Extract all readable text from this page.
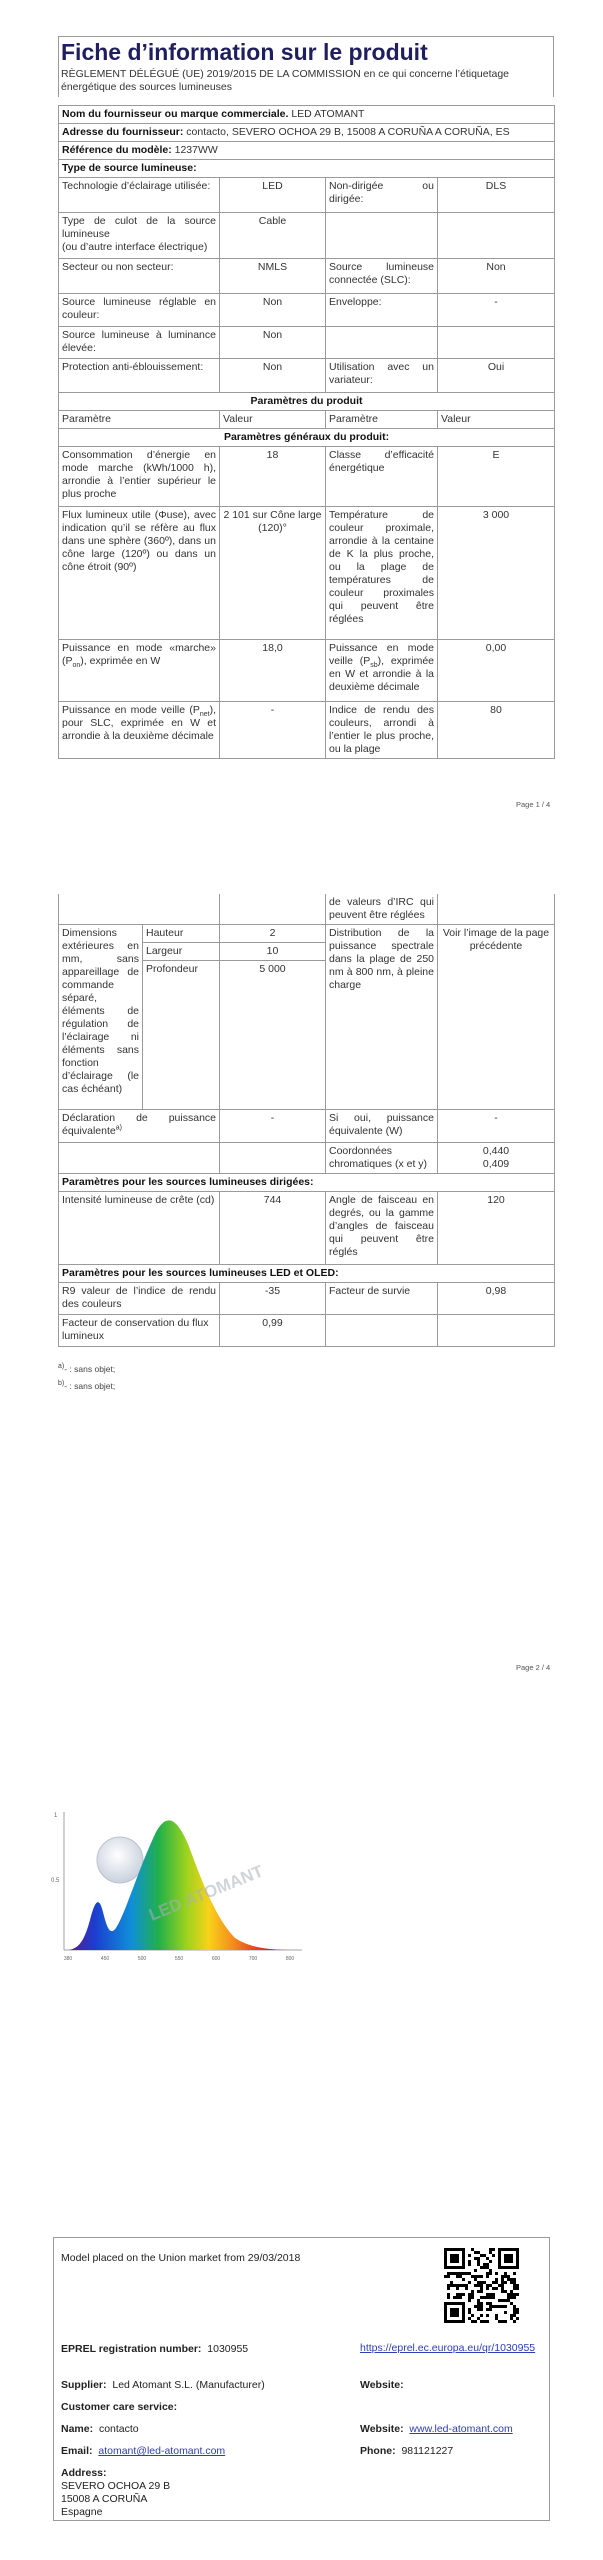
Fiche d’information sur le produit
RÈGLEMENT DÉLÉGUÉ (UE) 2019/2015 DE LA COMMISSION en ce qui concerne l’étiquetage énergétique des sources lumineuses
Nom du fournisseur ou marque commerciale. LED ATOMANT			
Adresse du fournisseur: contacto, SEVERO OCHOA 29 B, 15008 A CORUÑA A CORUÑA, ES			
Référence du modèle: 1237WW			
Type de source lumineuse:			
Technologie d’éclairage utilisée:	LED	Non-dirigée ou dirigée:	DLS

Type de culot de la source lumineuse
(ou d’autre interface électrique)	Cable		
Secteur ou non secteur:	NMLS	Source lumineuse connectée (SLC):	Non
Source lumineuse réglable en couleur:	Non	Enveloppe:	-
Source lumineuse à luminance élevée:	Non		
Protection anti-éblouissement:	Non	Utilisation avec un variateur:	Oui
Paramètres du produit			
Paramètre	Valeur	Paramètre	Valeur
Paramètres généraux du produit:			
Consommation d’énergie en mode marche (kWh/1000 h), arrondie à l’entier supérieur le plus proche	18	Classe d’efficacité énergétique	E
Flux lumineux utile (Φuse), avec indication qu’il se réfère au flux dans une sphère (360º), dans un cône large (120º) ou dans un cône étroit (90º)	2 101 sur Cône large (120)°	Température de couleur proximale, arrondie à la centaine de K la plus proche, ou la plage de températures de couleur proximales qui peuvent être réglées	3 000
Puissance en mode «marche» $(P_{on})$, exprimée en W	18,0	Puissance en mode veille $(P_{sb})$, exprimée en W et arrondie à la deuxième décimale	0,00
Puissance en mode veille $(P_{net})$, pour SLC, exprimée en W et arrondie à la deuxième décimale	-	Indice de rendu des couleurs, arrondi à l’entier le plus proche, ou la plage	80
Page 1 / 4
			de valeurs d’IRC qui peuvent être réglées	
Dimensions extérieures en mm, sans appareillage de commande séparé, éléments de régulation de l’éclairage ni éléments sans fonction d’éclairage (le cas échéant)	Hauteur	2	Distribution de la puissance spectrale dans la plage de 250 nm à 800 nm, à pleine charge	Voir l’image de la page précédente
	Largeur	10		
	Profondeur	5 000		
Déclaration de puissance équivalente$^{a)}$		-	Si oui, puissance équivalente (W)	-
			Coordonnées chromatiques (x et y)	0,440
0,409

Paramètres pour les sources lumineuses dirigées:				
Intensité lumineuse de crête (cd)		744	Angle de faisceau en degrés, ou la gamme d’angles de faisceau qui peuvent être réglés	120
Paramètres pour les sources lumineuses LED et OLED:				
R9 valeur de l’indice de rendu des couleurs		-35	Facteur de survie	0,98
Facteur de conservation du flux lumineux		0,99		
$^{a)}$- : sans objet;
$^{b)}$- : sans objet;
Page 2 / 4
1
0.5	LED ATOMANT
380	450	500	550	600	700	800
Model placed on the Union market from 29/03/2018
EPREL registration number: 1030955	https://eprel.ec.europa.eu/qr/1030955
Supplier: Led Atomant S.L. (Manufacturer)	Website:
Customer care service:
Name: contacto	Website: www.led-atomant.com
Email: atomant@led-atomant.com	Phone: 981121227
Address:
SEVERO OCHOA 29 B
15008 A CORUÑA
Espagne
